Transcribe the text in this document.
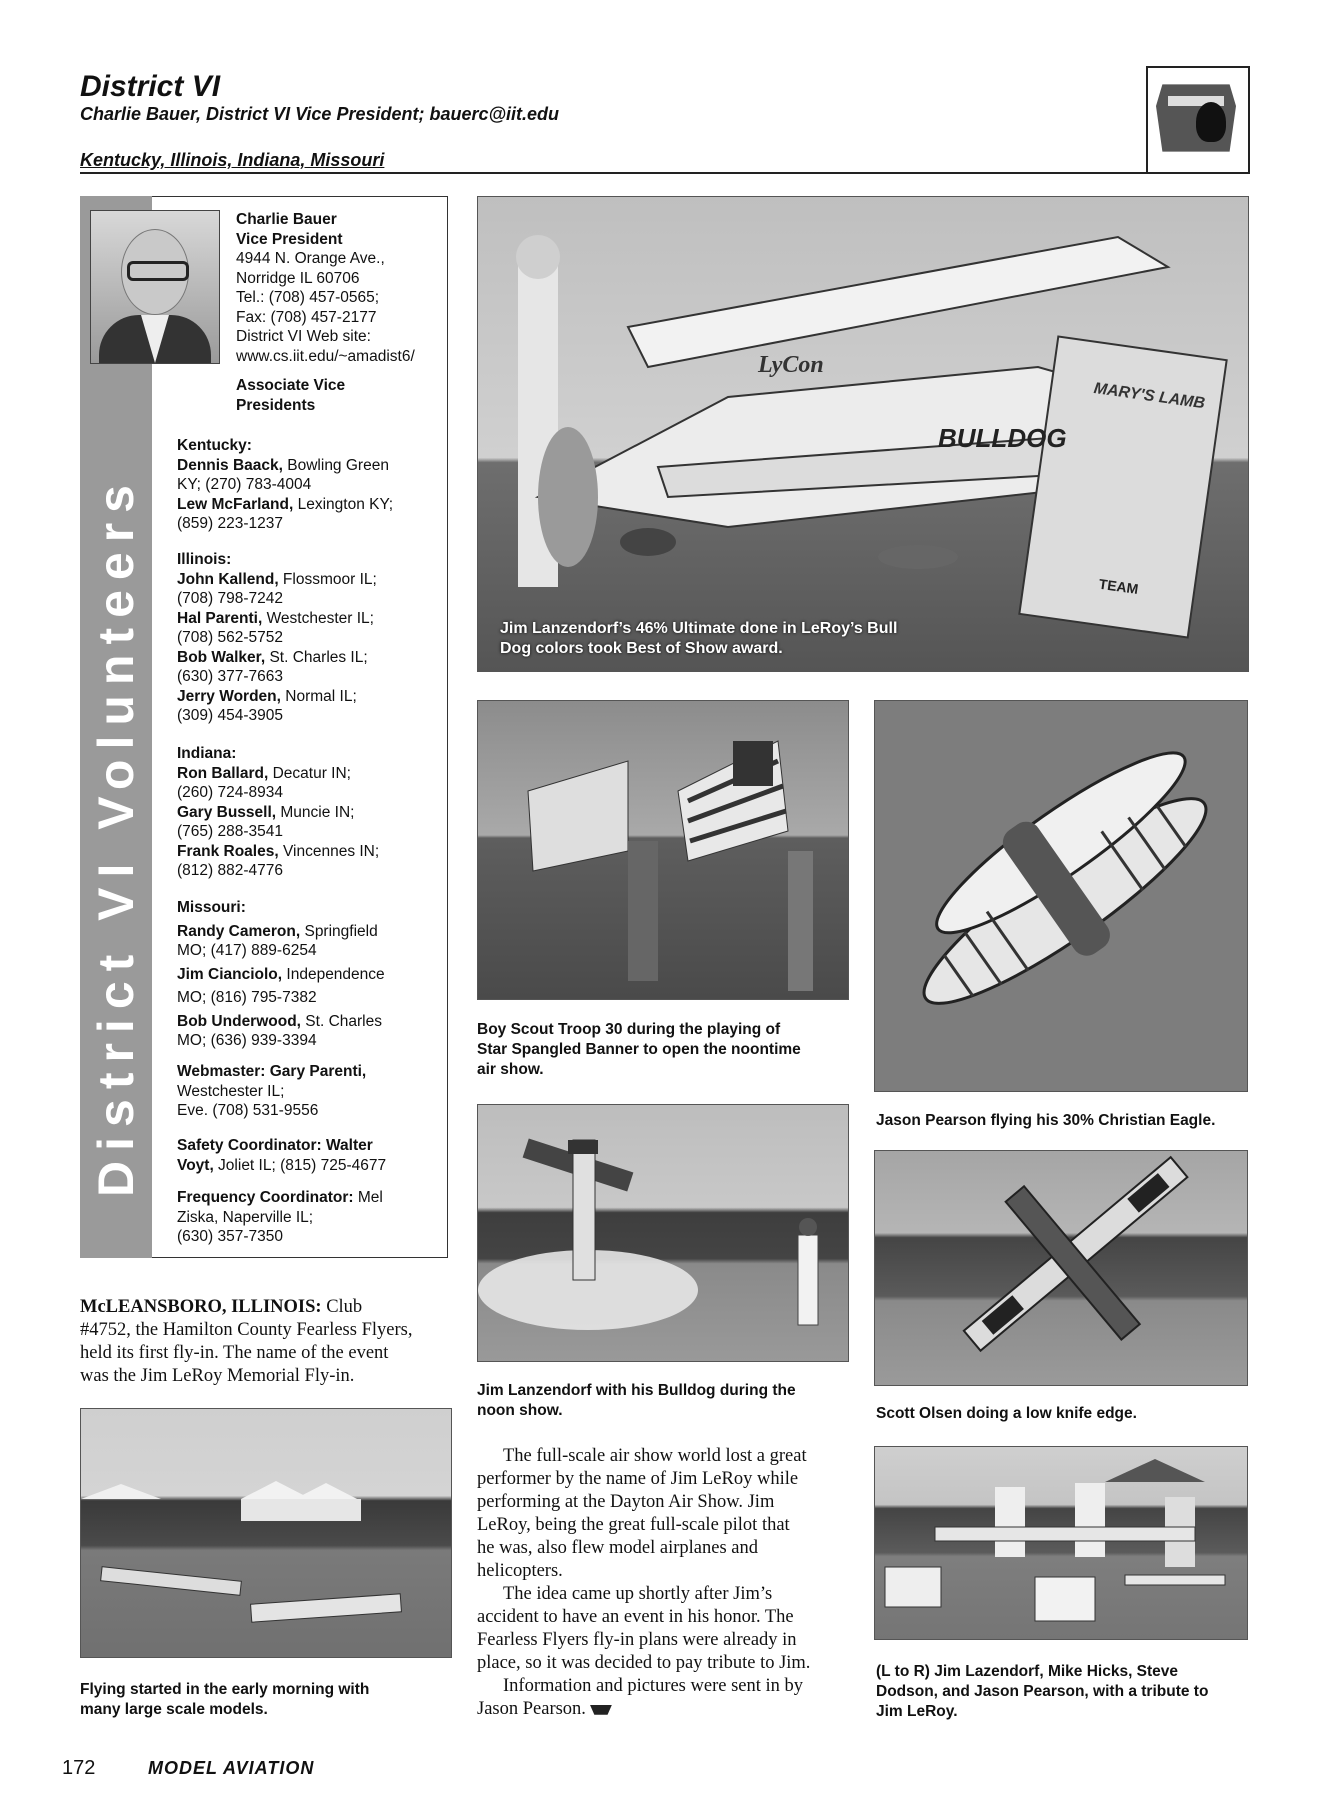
District VI
Charlie Bauer, District VI Vice President; bauerc@iit.edu
Kentucky, Illinois, Indiana, Missouri
District VI Volunteers
Charlie Bauer
Vice President
4944 N. Orange Ave.,
Norridge IL 60706
Tel.: (708) 457-0565;
Fax: (708) 457-2177
District VI Web site:
www.cs.iit.edu/~amadist6/
Associate Vice
Presidents
Kentucky:
Dennis Baack, Bowling Green
KY; (270) 783-4004
Lew McFarland, Lexington KY;
(859) 223-1237
Illinois:
John Kallend, Flossmoor IL;
(708) 798-7242
Hal Parenti, Westchester IL;
(708) 562-5752
Bob Walker, St. Charles IL;
(630) 377-7663
Jerry Worden, Normal IL;
(309) 454-3905
Indiana:
Ron Ballard, Decatur IN;
(260) 724-8934
Gary Bussell, Muncie IN;
(765) 288-3541
Frank Roales, Vincennes IN;
(812) 882-4776
Missouri:
Randy Cameron, Springfield
MO; (417) 889-6254
Jim Cianciolo, Independence
MO; (816) 795-7382
Bob Underwood, St. Charles
MO; (636) 939-3394
Webmaster: Gary Parenti,
Westchester IL;
Eve. (708) 531-9556
Safety Coordinator: Walter
Voyt, Joliet IL; (815) 725-4677
Frequency Coordinator: Mel
Ziska, Naperville IL;
(630) 357-7350
BULLDOG
LyCon
MARY'S LAMB
TEAM
Jim Lanzendorf’s 46% Ultimate done in LeRoy’s Bull
Dog colors took Best of Show award.
Boy Scout Troop 30 during the playing of
Star Spangled Banner to open the noontime
air show.
Jason Pearson flying his 30% Christian Eagle.
Jim Lanzendorf with his Bulldog during the
noon show.	Scott Olsen doing a low knife edge.
McLEANSBORO, ILLINOIS: Club
#4752, the Hamilton County Fearless Flyers,
held its first fly-in. The name of the event
was the Jim LeRoy Memorial Fly-in.
Flying started in the early morning with
many large scale models.
The full-scale air show world lost a great
performer by the name of Jim LeRoy while
performing at the Dayton Air Show. Jim
LeRoy, being the great full-scale pilot that
he was, also flew model airplanes and
helicopters.
The idea came up shortly after Jim’s
accident to have an event in his honor. The
Fearless Flyers fly-in plans were already in
place, so it was decided to pay tribute to Jim.
Information and pictures were sent in by
Jason Pearson.
(L to R) Jim Lazendorf, Mike Hicks, Steve
Dodson, and Jason Pearson, with a tribute to
Jim LeRoy.
172	MODEL AVIATION
